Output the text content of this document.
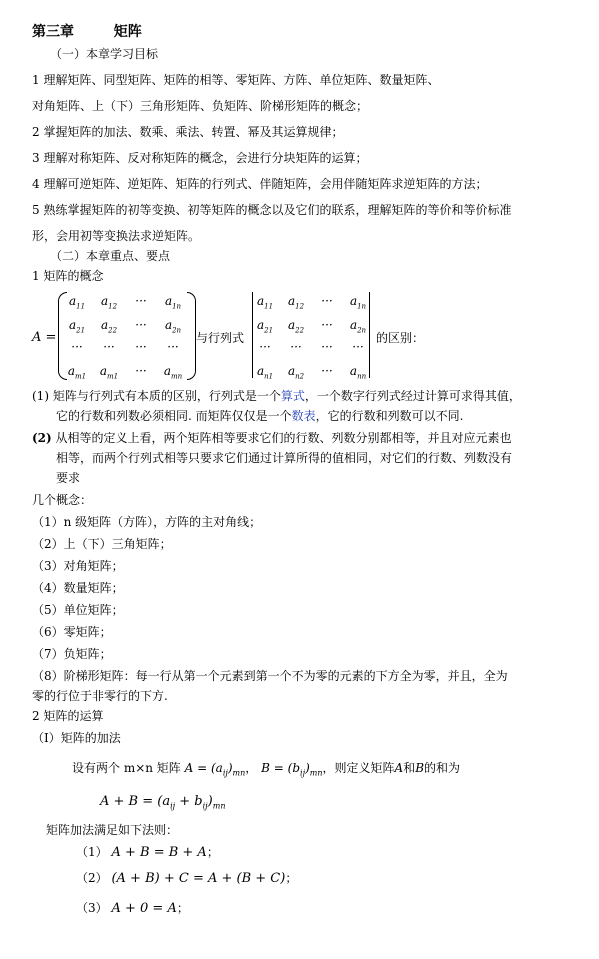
第三章	矩阵
（一）本章学习目标
1 理解矩阵、同型矩阵、矩阵的相等、零矩阵、方阵、单位矩阵、数量矩阵、
对角矩阵、上（下）三角形矩阵、负矩阵、阶梯形矩阵的概念；
2 掌握矩阵的加法、数乘、乘法、转置、幂及其运算规律；
3 理解对称矩阵、反对称矩阵的概念，会进行分块矩阵的运算；
4 理解可逆矩阵、逆矩阵、矩阵的行列式、伴随矩阵，会用伴随矩阵求逆矩阵的方法；
5 熟练掌握矩阵的初等变换、初等矩阵的概念以及它们的联系，理解矩阵的等价和等价标准
形，会用初等变换法求逆矩阵。
（二）本章重点、要点
1 矩阵的概念
A =
$a_{11}$	$a_{12}$	···	$a_{1n}$
$a_{21}$	$a_{22}$	···	$a_{2n}$
···	···	···	···
$a_{m1}$	$a_{m1}$	···	$a_{mn}$
与行列式
$a_{11}$	$a_{12}$	···	$a_{1n}$
$a_{21}$	$a_{22}$	···	$a_{2n}$
···	···	···	···
$a_{n1}$	$a_{n2}$	···	$a_{nn}$
的区别：
(1) 矩阵与行列式有本质的区别，行列式是一个算式，一个数字行列式经过计算可求得其值，
它的行数和列数必须相同. 而矩阵仅仅是一个数表，它的行数和列数可以不同.
(2) 从相等的定义上看，两个矩阵相等要求它们的行数、列数分别都相等，并且对应元素也
相等，而两个行列式相等只要求它们通过计算所得的值相同，对它们的行数、列数没有
要求
几个概念：
（1）n 级矩阵（方阵），方阵的主对角线；
（2）上（下）三角矩阵；
（3）对角矩阵；
（4）数量矩阵；
（5）单位矩阵；
（6）零矩阵；
（7）负矩阵；
（8）阶梯形矩阵：每一行从第一个元素到第一个不为零的元素的下方全为零，并且，全为
零的行位于非零行的下方.
2 矩阵的运算
（I）矩阵的加法
设有两个 m×n 矩阵 $A = (a_{ij})_{mn}$， $B = (b_{ij})_{mn}$，则定义矩阵A和B的和为
$A + B = (a_{ij} + b_{ij})_{mn}$
矩阵加法满足如下法则：
（1） A + B = B + A；
（2） (A + B) + C = A + (B + C)；
（3） A + 0 = A；
